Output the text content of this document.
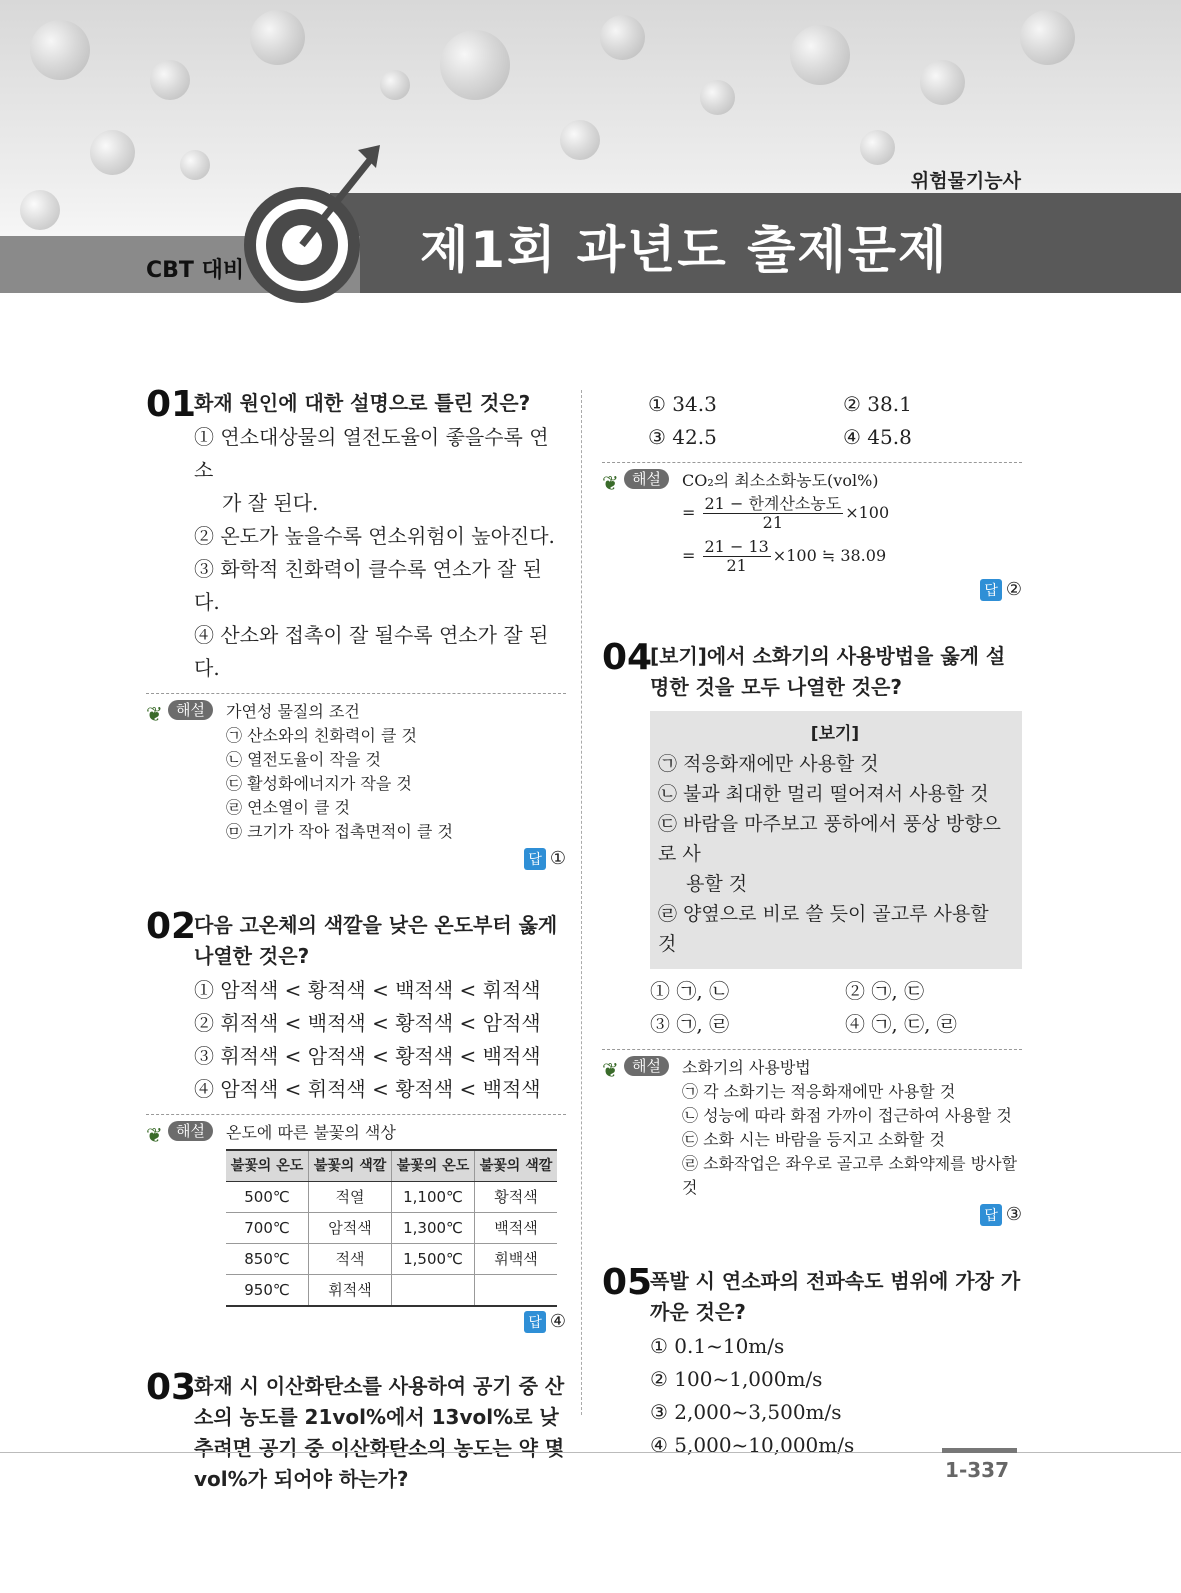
위험물기능사
CBT 대비	제1회 과년도 출제문제
01
화재 원인에 대한 설명으로 틀린 것은?
① 연소대상물의 열전도율이 좋을수록 연소
가 잘 된다.
② 온도가 높을수록 연소위험이 높아진다.
③ 화학적 친화력이 클수록 연소가 잘 된다.
④ 산소와 접촉이 잘 될수록 연소가 잘 된다.
❦ 해설	가연성 물질의 조건
㉠ 산소와의 친화력이 클 것
㉡ 열전도율이 작을 것
㉢ 활성화에너지가 작을 것
㉣ 연소열이 클 것
㉤ 크기가 작아 접촉면적이 클 것
답 ①
02
다음 고온체의 색깔을 낮은 온도부터 옳게 나열한 것은?
① 암적색 < 황적색 < 백적색 < 휘적색
② 휘적색 < 백적색 < 황적색 < 암적색
③ 휘적색 < 암적색 < 황적색 < 백적색
④ 암적색 < 휘적색 < 황적색 < 백적색
❦ 해설	온도에 따른 불꽃의 색상
불꽃의 온도	불꽃의 색깔	불꽃의 온도	불꽃의 색깔
500℃	적열	1,100℃	황적색
700℃	암적색	1,300℃	백적색
850℃	적색	1,500℃	휘백색
950℃	휘적색		
답 ④
03
화재 시 이산화탄소를 사용하여 공기 중 산소의 농도를 21vol%에서 13vol%로 낮추려면 공기 중 이산화탄소의 농도는 약 몇 vol%가 되어야 하는가?
① 34.3	② 38.1
③ 42.5	④ 45.8
❦ 해설	CO₂의 최소소화농도(vol%)
= $\frac{\text{21 − 한계산소농도}}{21} \times 100$
= $\frac{21 - 13}{21} \times 100$ ≒ 38.09
답 ②
04
[보기]에서 소화기의 사용방법을 옳게 설명한 것을 모두 나열한 것은?
[보기]
㉠ 적응화재에만 사용할 것
㉡ 불과 최대한 멀리 떨어져서 사용할 것
㉢ 바람을 마주보고 풍하에서 풍상 방향으로 사
용할 것
㉣ 양옆으로 비로 쓸 듯이 골고루 사용할 것
① ㉠, ㉡	② ㉠, ㉢
③ ㉠, ㉣	④ ㉠, ㉢, ㉣
❦ 해설	소화기의 사용방법
㉠ 각 소화기는 적응화재에만 사용할 것
㉡ 성능에 따라 화점 가까이 접근하여 사용할 것
㉢ 소화 시는 바람을 등지고 소화할 것
㉣ 소화작업은 좌우로 골고루 소화약제를 방사할 것
답 ③
05
폭발 시 연소파의 전파속도 범위에 가장 가까운 것은?
① 0.1~10m/s
② 100~1,000m/s
③ 2,000~3,500m/s
④ 5,000~10,000m/s
1-337
